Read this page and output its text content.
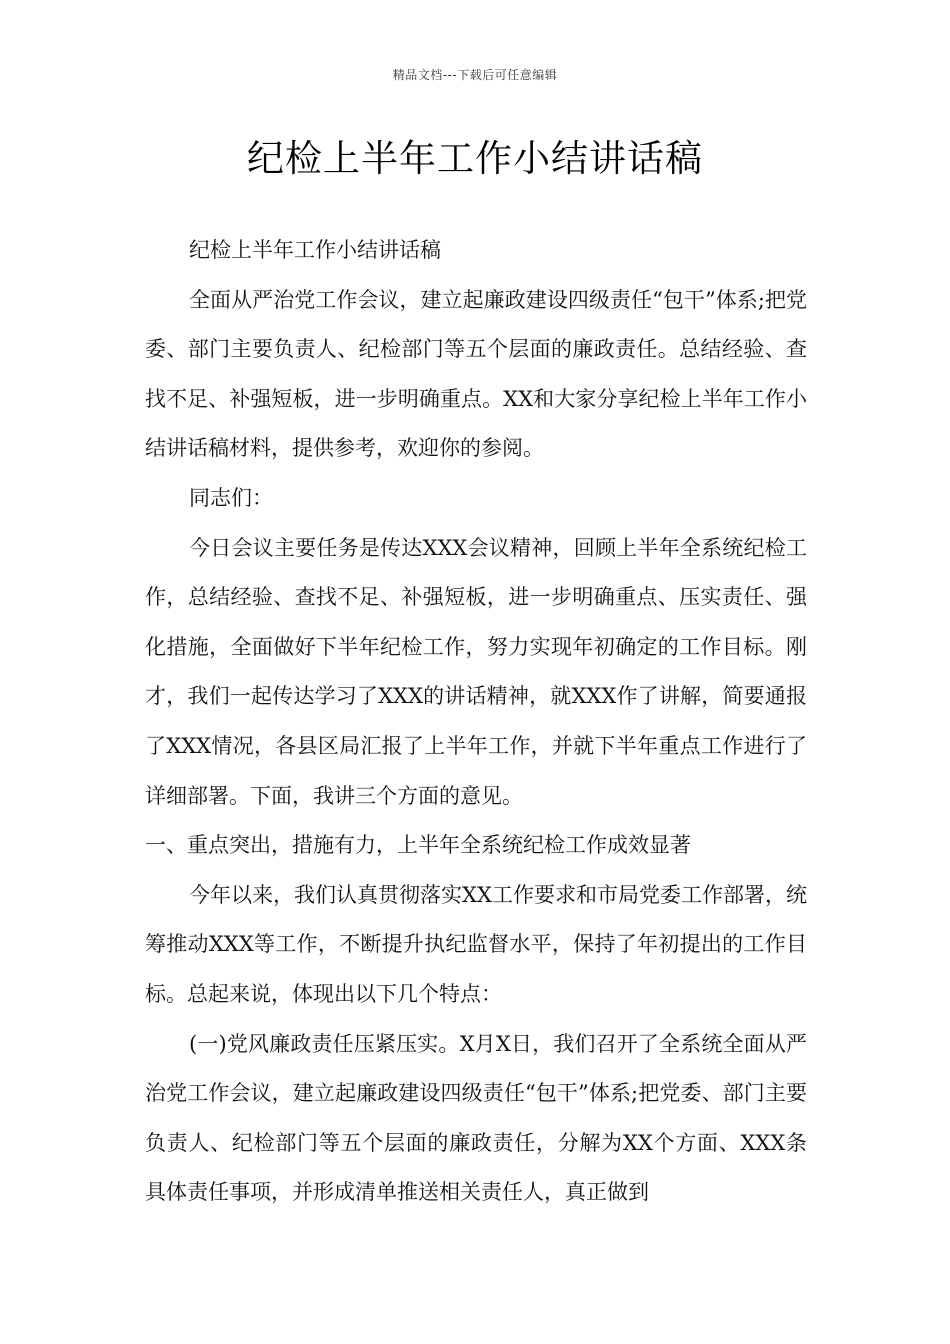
精品文档---下载后可任意编辑
纪检上半年工作小结讲话稿

纪检上半年工作小结讲话稿

全面从严治党工作会议，建立起廉政建设四级责任“包干”体系;把党委、部门主要负责人、纪检部门等五个层面的廉政责任。总结经验、查找不足、补强短板，进一步明确重点。XX和大家分享纪检上半年工作小结讲话稿材料，提供参考，欢迎你的参阅。

同志们：

今日会议主要任务是传达XXX会议精神，回顾上半年全系统纪检工作，总结经验、查找不足、补强短板，进一步明确重点、压实责任、强化措施，全面做好下半年纪检工作，努力实现年初确定的工作目标。刚才，我们一起传达学习了XXX的讲话精神，就XXX作了讲解，简要通报了XXX情况，各县区局汇报了上半年工作，并就下半年重点工作进行了详细部署。下面，我讲三个方面的意见。

一、重点突出，措施有力，上半年全系统纪检工作成效显著

今年以来，我们认真贯彻落实XX工作要求和市局党委工作部署，统筹推动XXX等工作，不断提升执纪监督水平，保持了年初提出的工作目标。总起来说，体现出以下几个特点：

(一)党风廉政责任压紧压实。X月X日，我们召开了全系统全面从严治党工作会议，建立起廉政建设四级责任“包干”体系;把党委、部门主要负责人、纪检部门等五个层面的廉政责任，分解为XX个方面、XXX条具体责任事项，并形成清单推送相关责任人，真正做到
